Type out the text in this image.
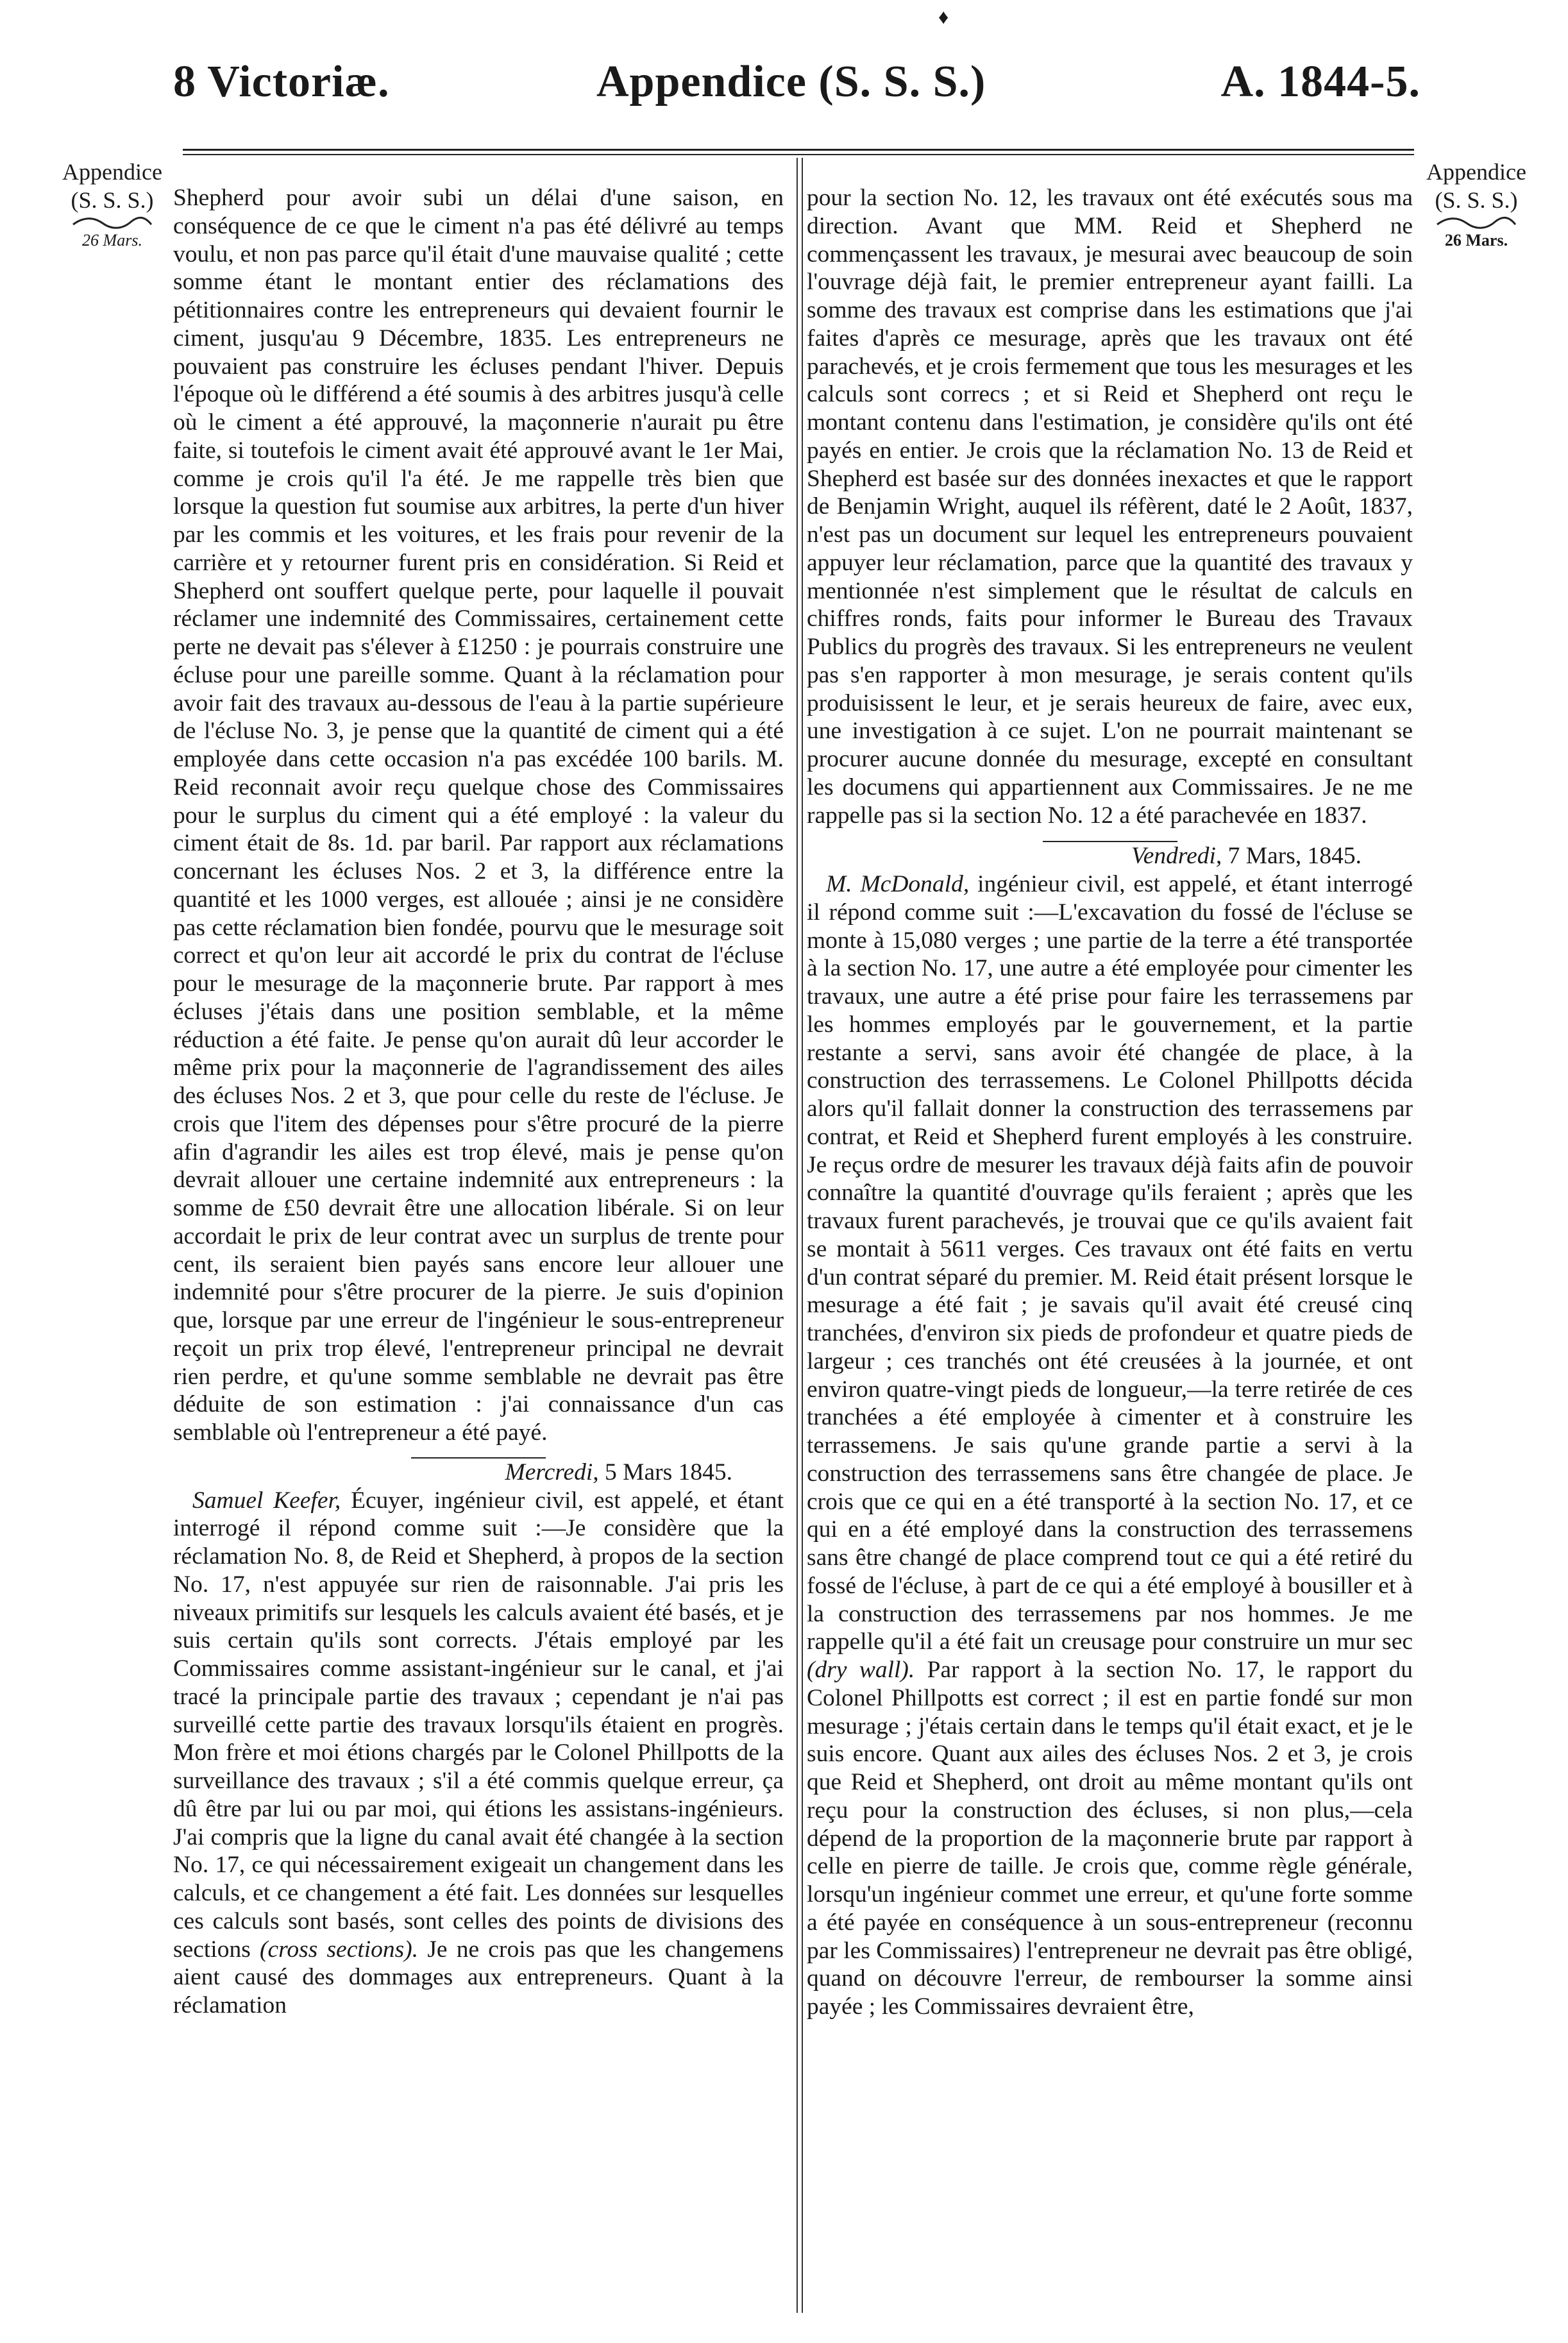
♦
8 Victoriæ.	Appendice (S. S. S.)	A. 1844-5.
Appendice
(S. S. S.)
26 Mars.
Appendice
(S. S. S.)
26 Mars.

Shepherd pour avoir subi un délai d'une saison, en conséquence de ce que le ciment n'a pas été délivré au temps voulu, et non pas parce qu'il était d'une mauvaise qualité ; cette somme étant le montant entier des réclamations des pétitionnaires contre les entrepreneurs qui devaient fournir le ciment, jusqu'au 9 Décembre, 1835. Les entrepreneurs ne pouvaient pas construire les écluses pendant l'hiver. Depuis l'époque où le différend a été soumis à des arbitres jusqu'à celle où le ciment a été approuvé, la maçonnerie n'aurait pu être faite, si toutefois le ciment avait été approuvé avant le 1er Mai, comme je crois qu'il l'a été. Je me rappelle très bien que lorsque la question fut soumise aux arbitres, la perte d'un hiver par les commis et les voitures, et les frais pour revenir de la carrière et y retourner furent pris en considération. Si Reid et Shepherd ont souffert quelque perte, pour laquelle il pouvait réclamer une indemnité des Commissaires, certainement cette perte ne devait pas s'élever à £1250 : je pourrais construire une écluse pour une pareille somme. Quant à la réclamation pour avoir fait des travaux au-dessous de l'eau à la partie supérieure de l'écluse No. 3, je pense que la quantité de ciment qui a été employée dans cette occasion n'a pas excédée 100 barils. M. Reid reconnait avoir reçu quelque chose des Commissaires pour le surplus du ciment qui a été employé : la valeur du ciment était de 8s. 1d. par baril. Par rapport aux réclamations concernant les écluses Nos. 2 et 3, la différence entre la quantité et les 1000 verges, est allouée ; ainsi je ne considère pas cette réclamation bien fondée, pourvu que le mesurage soit correct et qu'on leur ait accordé le prix du contrat de l'écluse pour le mesurage de la maçonnerie brute. Par rapport à mes écluses j'étais dans une position semblable, et la même réduction a été faite. Je pense qu'on aurait dû leur accorder le même prix pour la maçonnerie de l'agrandissement des ailes des écluses Nos. 2 et 3, que pour celle du reste de l'écluse. Je crois que l'item des dépenses pour s'être procuré de la pierre afin d'agrandir les ailes est trop élevé, mais je pense qu'on devrait allouer une certaine indemnité aux entrepreneurs : la somme de £50 devrait être une allocation libérale. Si on leur accordait le prix de leur contrat avec un surplus de trente pour cent, ils seraient bien payés sans encore leur allouer une indemnité pour s'être procurer de la pierre. Je suis d'opinion que, lorsque par une erreur de l'ingénieur le sous-entrepreneur reçoit un prix trop élevé, l'entrepreneur principal ne devrait rien perdre, et qu'une somme semblable ne devrait pas être déduite de son estimation : j'ai connaissance d'un cas semblable où l'entrepreneur a été payé.

Mercredi, 5 Mars 1845.

Samuel Keefer, Écuyer, ingénieur civil, est appelé, et étant interrogé il répond comme suit :—Je considère que la réclamation No. 8, de Reid et Shepherd, à propos de la section No. 17, n'est appuyée sur rien de raisonnable. J'ai pris les niveaux primitifs sur lesquels les calculs avaient été basés, et je suis certain qu'ils sont corrects. J'étais employé par les Commissaires comme assistant-ingénieur sur le canal, et j'ai tracé la principale partie des travaux ; cependant je n'ai pas surveillé cette partie des travaux lorsqu'ils étaient en progrès. Mon frère et moi étions chargés par le Colonel Phillpotts de la surveillance des travaux ; s'il a été commis quelque erreur, ça dû être par lui ou par moi, qui étions les assistans-ingénieurs. J'ai compris que la ligne du canal avait été changée à la section No. 17, ce qui nécessairement exigeait un changement dans les calculs, et ce changement a été fait. Les données sur lesquelles ces calculs sont basés, sont celles des points de divisions des sections (cross sections). Je ne crois pas que les changemens aient causé des dommages aux entrepreneurs. Quant à la réclamation

pour la section No. 12, les travaux ont été exécutés sous ma direction. Avant que MM. Reid et Shepherd ne commençassent les travaux, je mesurai avec beaucoup de soin l'ouvrage déjà fait, le premier entrepreneur ayant failli. La somme des travaux est comprise dans les estimations que j'ai faites d'après ce mesurage, après que les travaux ont été parachevés, et je crois fermement que tous les mesurages et les calculs sont correcs ; et si Reid et Shepherd ont reçu le montant contenu dans l'estimation, je considère qu'ils ont été payés en entier. Je crois que la réclamation No. 13 de Reid et Shepherd est basée sur des données inexactes et que le rapport de Benjamin Wright, auquel ils réfèrent, daté le 2 Août, 1837, n'est pas un document sur lequel les entrepreneurs pouvaient appuyer leur réclamation, parce que la quantité des travaux y mentionnée n'est simplement que le résultat de calculs en chiffres ronds, faits pour informer le Bureau des Travaux Publics du progrès des travaux. Si les entrepreneurs ne veulent pas s'en rapporter à mon mesurage, je serais content qu'ils produisissent le leur, et je serais heureux de faire, avec eux, une investigation à ce sujet. L'on ne pourrait maintenant se procurer aucune donnée du mesurage, excepté en consultant les documens qui appartiennent aux Commissaires. Je ne me rappelle pas si la section No. 12 a été parachevée en 1837.

Vendredi, 7 Mars, 1845.

M. McDonald, ingénieur civil, est appelé, et étant interrogé il répond comme suit :—L'excavation du fossé de l'écluse se monte à 15,080 verges ; une partie de la terre a été transportée à la section No. 17, une autre a été employée pour cimenter les travaux, une autre a été prise pour faire les terrassemens par les hommes employés par le gouvernement, et la partie restante a servi, sans avoir été changée de place, à la construction des terrassemens. Le Colonel Phillpotts décida alors qu'il fallait donner la construction des terrassemens par contrat, et Reid et Shepherd furent employés à les construire. Je reçus ordre de mesurer les travaux déjà faits afin de pouvoir connaître la quantité d'ouvrage qu'ils feraient ; après que les travaux furent parachevés, je trouvai que ce qu'ils avaient fait se montait à 5611 verges. Ces travaux ont été faits en vertu d'un contrat séparé du premier. M. Reid était présent lorsque le mesurage a été fait ; je savais qu'il avait été creusé cinq tranchées, d'environ six pieds de profondeur et quatre pieds de largeur ; ces tranchés ont été creusées à la journée, et ont environ quatre-vingt pieds de longueur,—la terre retirée de ces tranchées a été employée à cimenter et à construire les terrassemens. Je sais qu'une grande partie a servi à la construction des terrassemens sans être changée de place. Je crois que ce qui en a été transporté à la section No. 17, et ce qui en a été employé dans la construction des terrassemens sans être changé de place comprend tout ce qui a été retiré du fossé de l'écluse, à part de ce qui a été employé à bousiller et à la construction des terrassemens par nos hommes. Je me rappelle qu'il a été fait un creusage pour construire un mur sec (dry wall). Par rapport à la section No. 17, le rapport du Colonel Phillpotts est correct ; il est en partie fondé sur mon mesurage ; j'étais certain dans le temps qu'il était exact, et je le suis encore. Quant aux ailes des écluses Nos. 2 et 3, je crois que Reid et Shepherd, ont droit au même montant qu'ils ont reçu pour la construction des écluses, si non plus,—cela dépend de la proportion de la maçonnerie brute par rapport à celle en pierre de taille. Je crois que, comme règle générale, lorsqu'un ingénieur commet une erreur, et qu'une forte somme a été payée en conséquence à un sous-entrepreneur (reconnu par les Commissaires) l'entrepreneur ne devrait pas être obligé, quand on découvre l'erreur, de rembourser la somme ainsi payée ; les Commissaires devraient être,
